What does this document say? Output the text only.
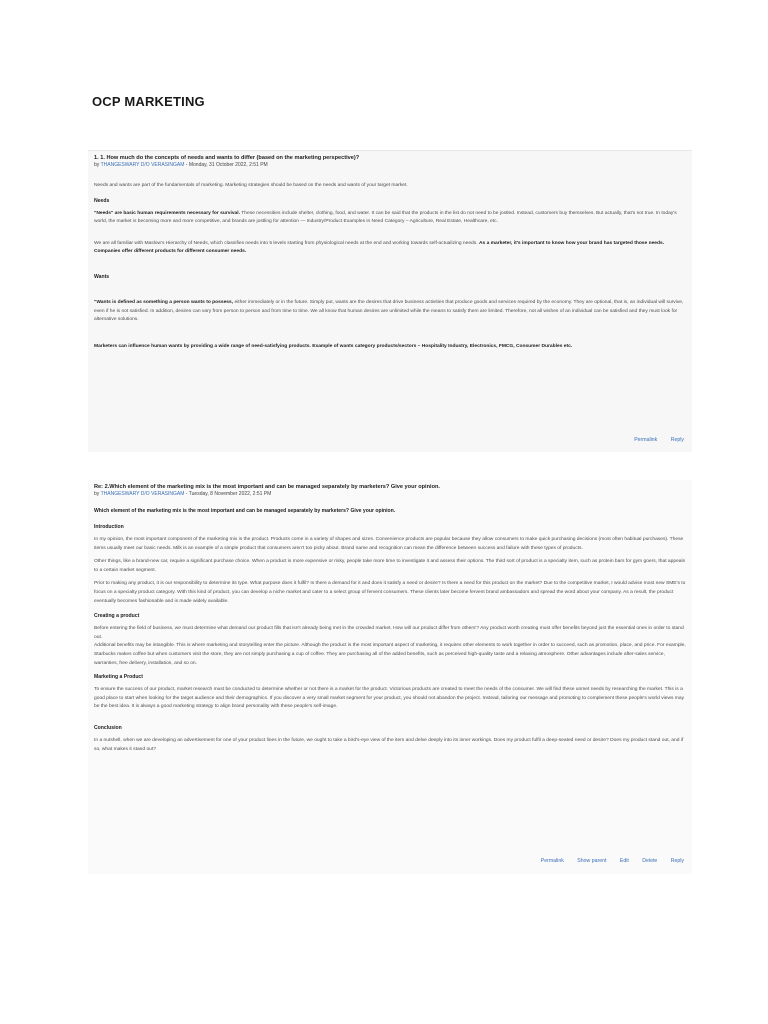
OCP MARKETING
1. 1. How much do the concepts of needs and wants to differ (based on the marketing perspective)?
by THANGESWARY D/O VERASINGAM - Monday, 31 October 2022, 2:51 PM
Needs and wants are part of the fundamentals of marketing. Marketing strategies should be based on the needs and wants of your target market.
Needs
"Needs" are basic human requirements necessary for survival. These necessities include shelter, clothing, food, and water. It can be said that the products in the list do not need to be jostled. Instead, customers buy themselves. But actually, that's not true. In today's world, the market is becoming more and more competitive, and brands are jostling for attention — Industry/Product Examples in Need Category – Agriculture, Real Estate, Healthcare, etc.
We are all familiar with Maslow's Hierarchy of Needs, which classifies needs into 5 levels starting from physiological needs at the end and working towards self-actualizing needs. As a marketer, it's important to know how your brand has targeted those needs. Companies offer different products for different consumer needs.
Wants
"Wants is defined as something a person wants to possess, either immediately or in the future. Simply put, wants are the desires that drive business activities that produce goods and services required by the economy. They are optional, that is, an individual will survive, even if he is not satisfied. In addition, desires can vary from person to person and from time to time. We all know that human desires are unlimited while the means to satisfy them are limited. Therefore, not all wishes of an individual can be satisfied and they must look for alternative solutions.
Marketers can influence human wants by providing a wide range of need-satisfying products. Example of wants category products/sectors – Hospitality Industry, Electronics, FMCG, Consumer Durables etc.
Permalink	Reply
Re: 2.Which element of the marketing mix is the most important and can be managed separately by marketers? Give your opinion.
by THANGESWARY D/O VERASINGAM - Tuesday, 8 November 2022, 2:51 PM
Which element of the marketing mix is the most important and can be managed separately by marketers? Give your opinion.
Introduction
In my opinion, the most important component of the marketing mix is the product. Products come in a variety of shapes and sizes. Convenience products are popular because they allow consumers to make quick purchasing decisions (most often habitual purchases). These items usually meet our basic needs. Milk is an example of a simple product that consumers aren't too picky about. Brand name and recognition can mean the difference between success and failure with these types of products.
Other things, like a brand-new car, require a significant purchase choice. When a product is more expensive or risky, people take more time to investigate it and assess their options. The third sort of product is a specialty item, such as protein bars for gym goers, that appeals to a certain market segment.
Prior to making any product, it is our responsibility to determine its type. What purpose does it fulfil? Is there a demand for it and does it satisfy a need or desire? Is there a need for this product on the market? Due to the competitive market, I would advise most new SME's to focus on a specialty product category. With this kind of product, you can develop a niche market and cater to a select group of fervent consumers. These clients later become fervent brand ambassadors and spread the word about your company. As a result, the product eventually becomes fashionable and is made widely available.
Creating a product
Before entering the field of business, we must determine what demand our product fills that isn't already being met in the crowded market. How will our product differ from others'? Any product worth creating must offer benefits beyond just the essential ones in order to stand out.
Additional benefits may be intangible. This is where marketing and storytelling enter the picture. Although the product is the most important aspect of marketing, it requires other elements to work together in order to succeed, such as promotion, place, and price. For example, Starbucks makes coffee but when customers visit the store, they are not simply purchasing a cup of coffee. They are purchasing all of the added benefits, such as perceived high-quality taste and a relaxing atmosphere. Other advantages include after-sales service, warranties, free delivery, installation, and so on.
Marketing a Product
To ensure the success of our product, market research must be conducted to determine whether or not there is a market for the product. Victorious products are created to meet the needs of the consumer. We will find these unmet needs by researching the market. This is a good place to start when looking for the target audience and their demographics. If you discover a very small market segment for your product, you should not abandon the project. Instead, tailoring our message and promoting to complement these people's world views may be the best idea. It is always a good marketing strategy to align brand personality with these people's self-image.
Conclusion
In a nutshell, when we are developing an advertisement for one of your product lines in the future, we ought to take a bird's-eye view of the item and delve deeply into its inner workings. Does my product fulfil a deep-seated need or desire? Does my product stand out, and if so, what makes it stand out?
Permalink	Show parent	Edit	Delete	Reply
